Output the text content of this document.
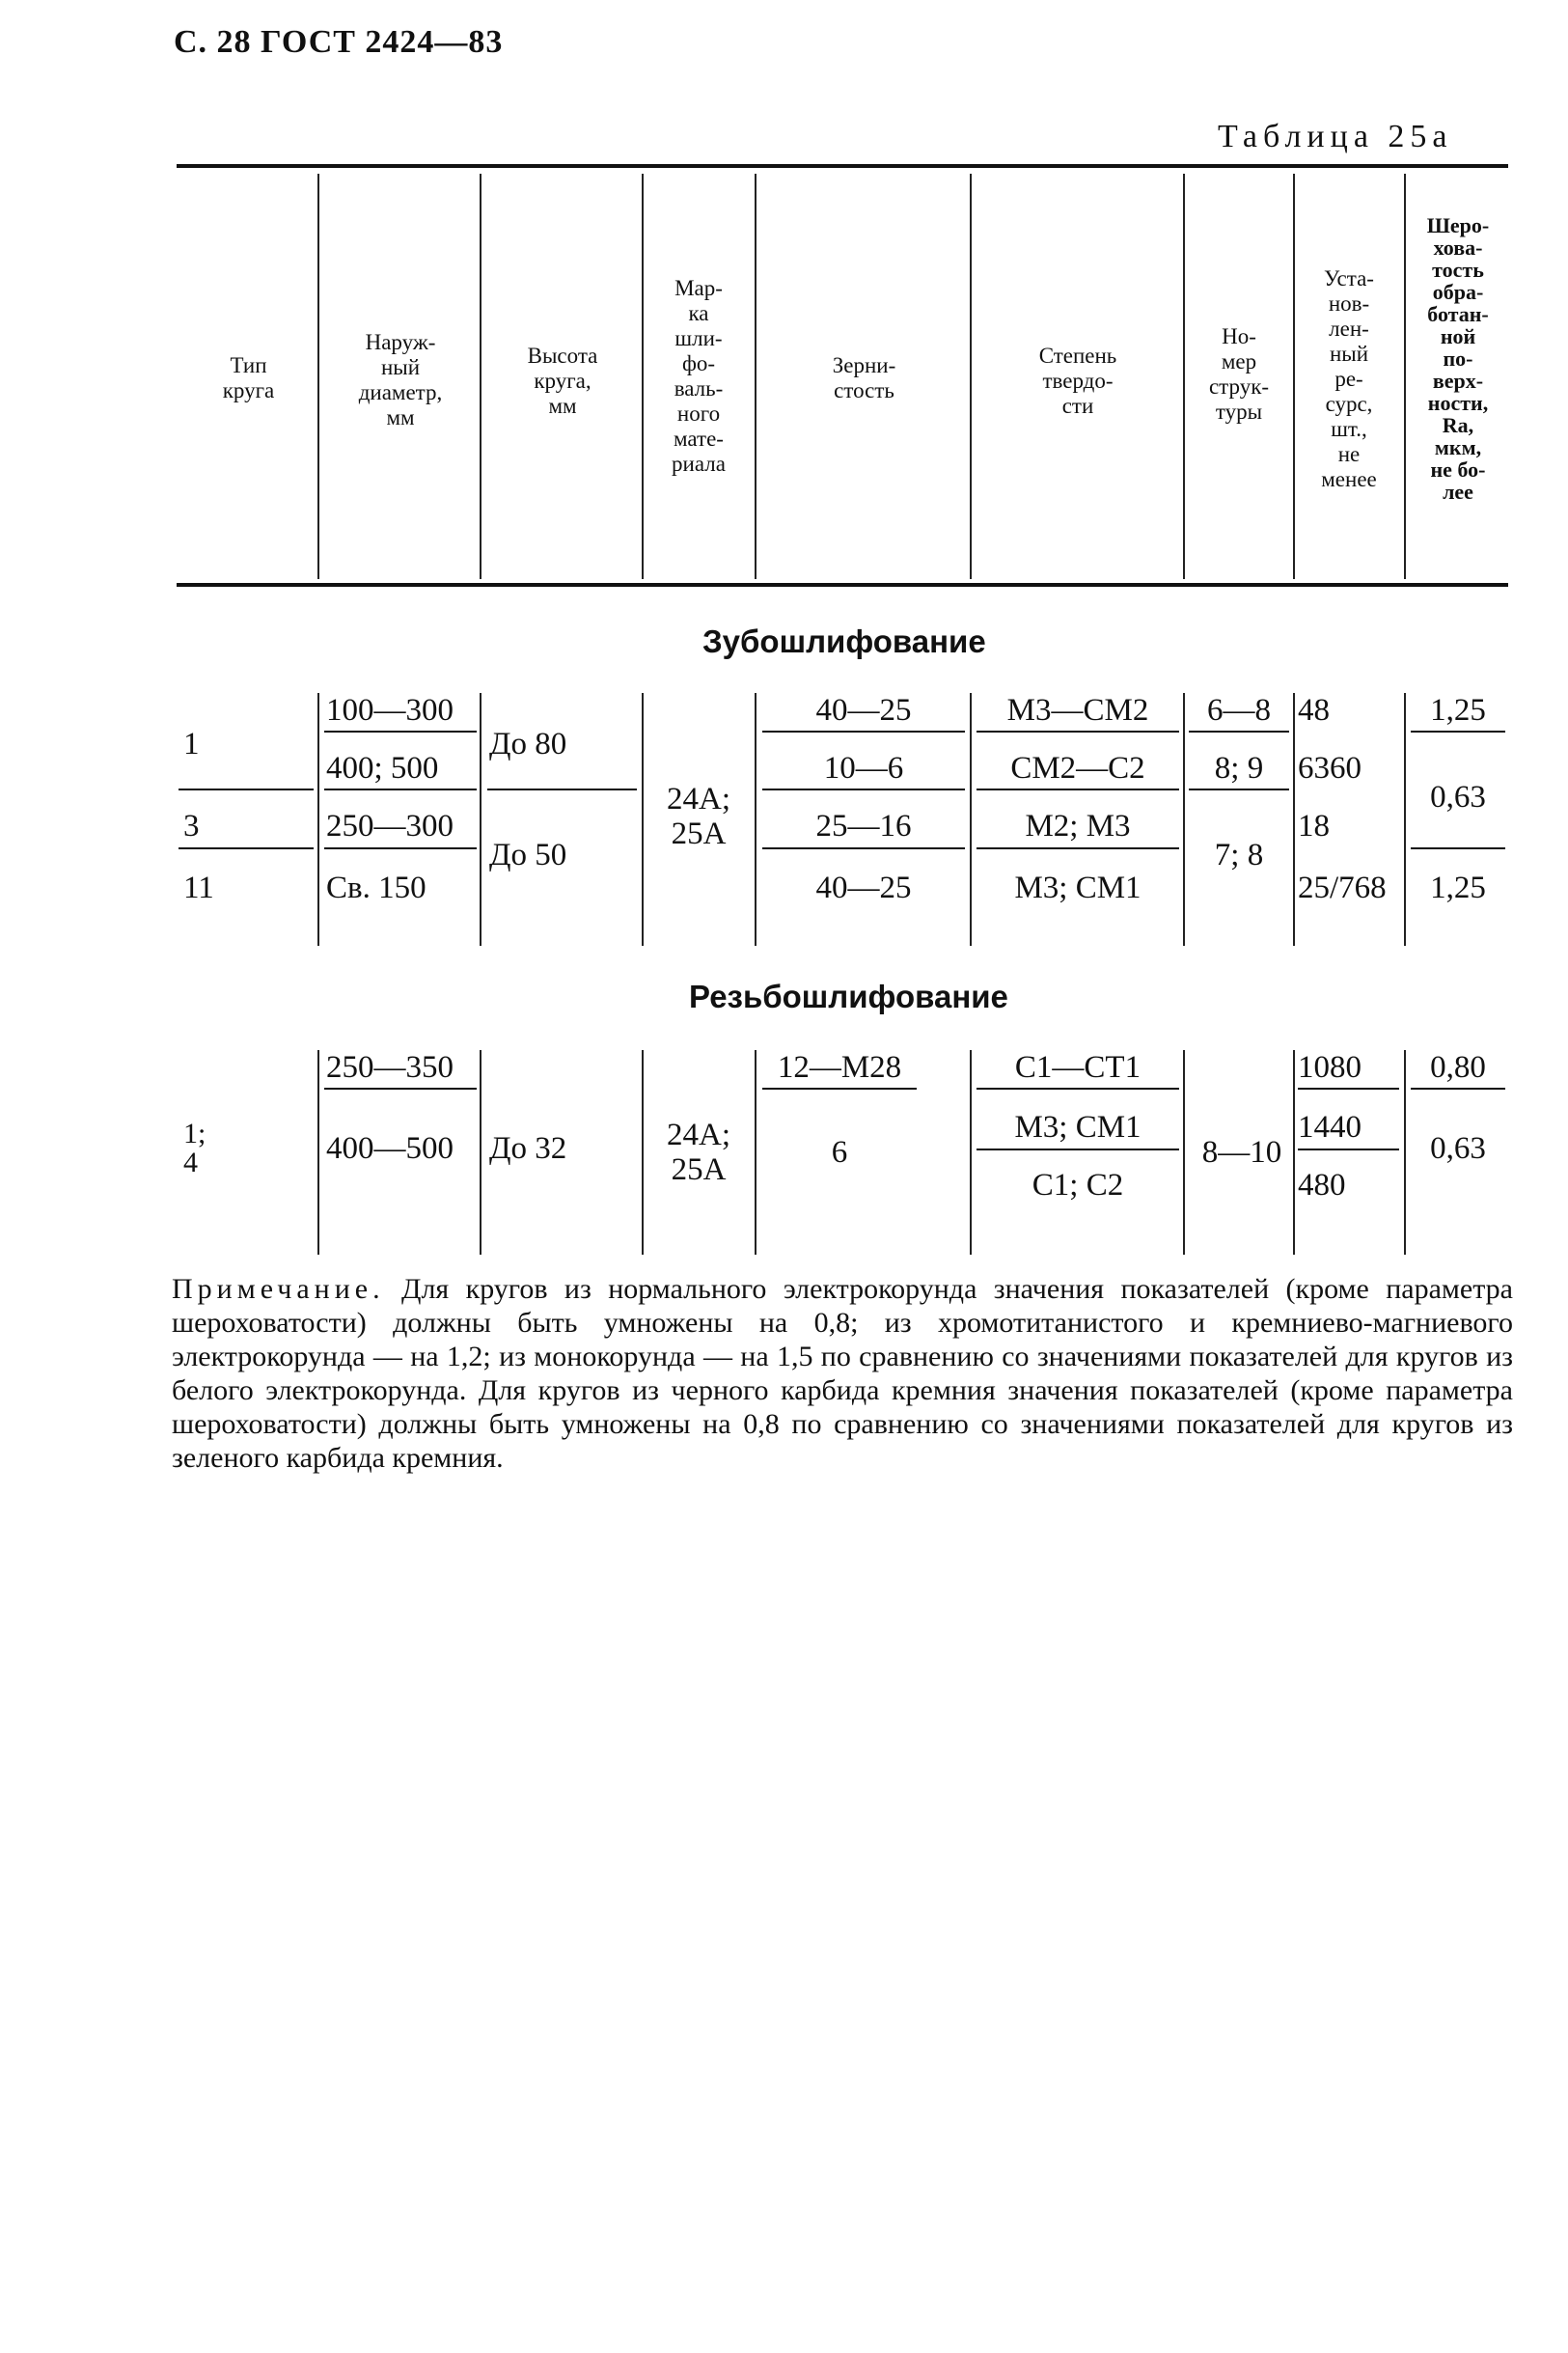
С. 28 ГОСТ 2424—83
Таблица 25а
Тип
круга
Наруж-
ный
диаметр,
мм
Высота
круга,
мм
Мар-
ка
шли-
фо-
валь-
ного
мате-
риала
Зерни-
стость
Степень
твердо-
сти
Но-
мер
струк-
туры
Уста-
нов-
лен-
ный
ре-
сурс,
шт.,
не
менее
Шеро-
хова-
тость
обра-
ботан-
ной
по-
верх-
ности,
Ra,
мкм,
не бо-
лее
Зубошлифование
1
3
11
100—300
400; 500
250—300
Св. 150
До 80
До 50
24А;
25А
40—25
10—6
25—16
40—25
М3—СМ2
СМ2—С2
М2; М3
М3; СМ1
6—8
8; 9
7; 8
48
6360
18
25/768
1,25
0,63
1,25
Резьбошлифование
1;
4
250—350
400—500 До 32	24А;
25А
12—М28
6
С1—СТ1
М3; СМ1
С1; С2
8—10
1080
1440
480
0,80
0,63
Примечание. Для кругов из нормального электрокорунда значения показателей (кроме параметра шероховатости) должны быть умножены на 0,8; из хромотитанистого и кремниево-магниевого электрокорунда — на 1,2; из монокорунда — на 1,5 по сравнению со значениями показателей для кругов из белого электрокорунда. Для кругов из черного карбида кремния значения показателей (кроме параметра шероховатости) должны быть умножены на 0,8 по сравнению со значениями показателей для кругов из зеленого карбида кремния.
